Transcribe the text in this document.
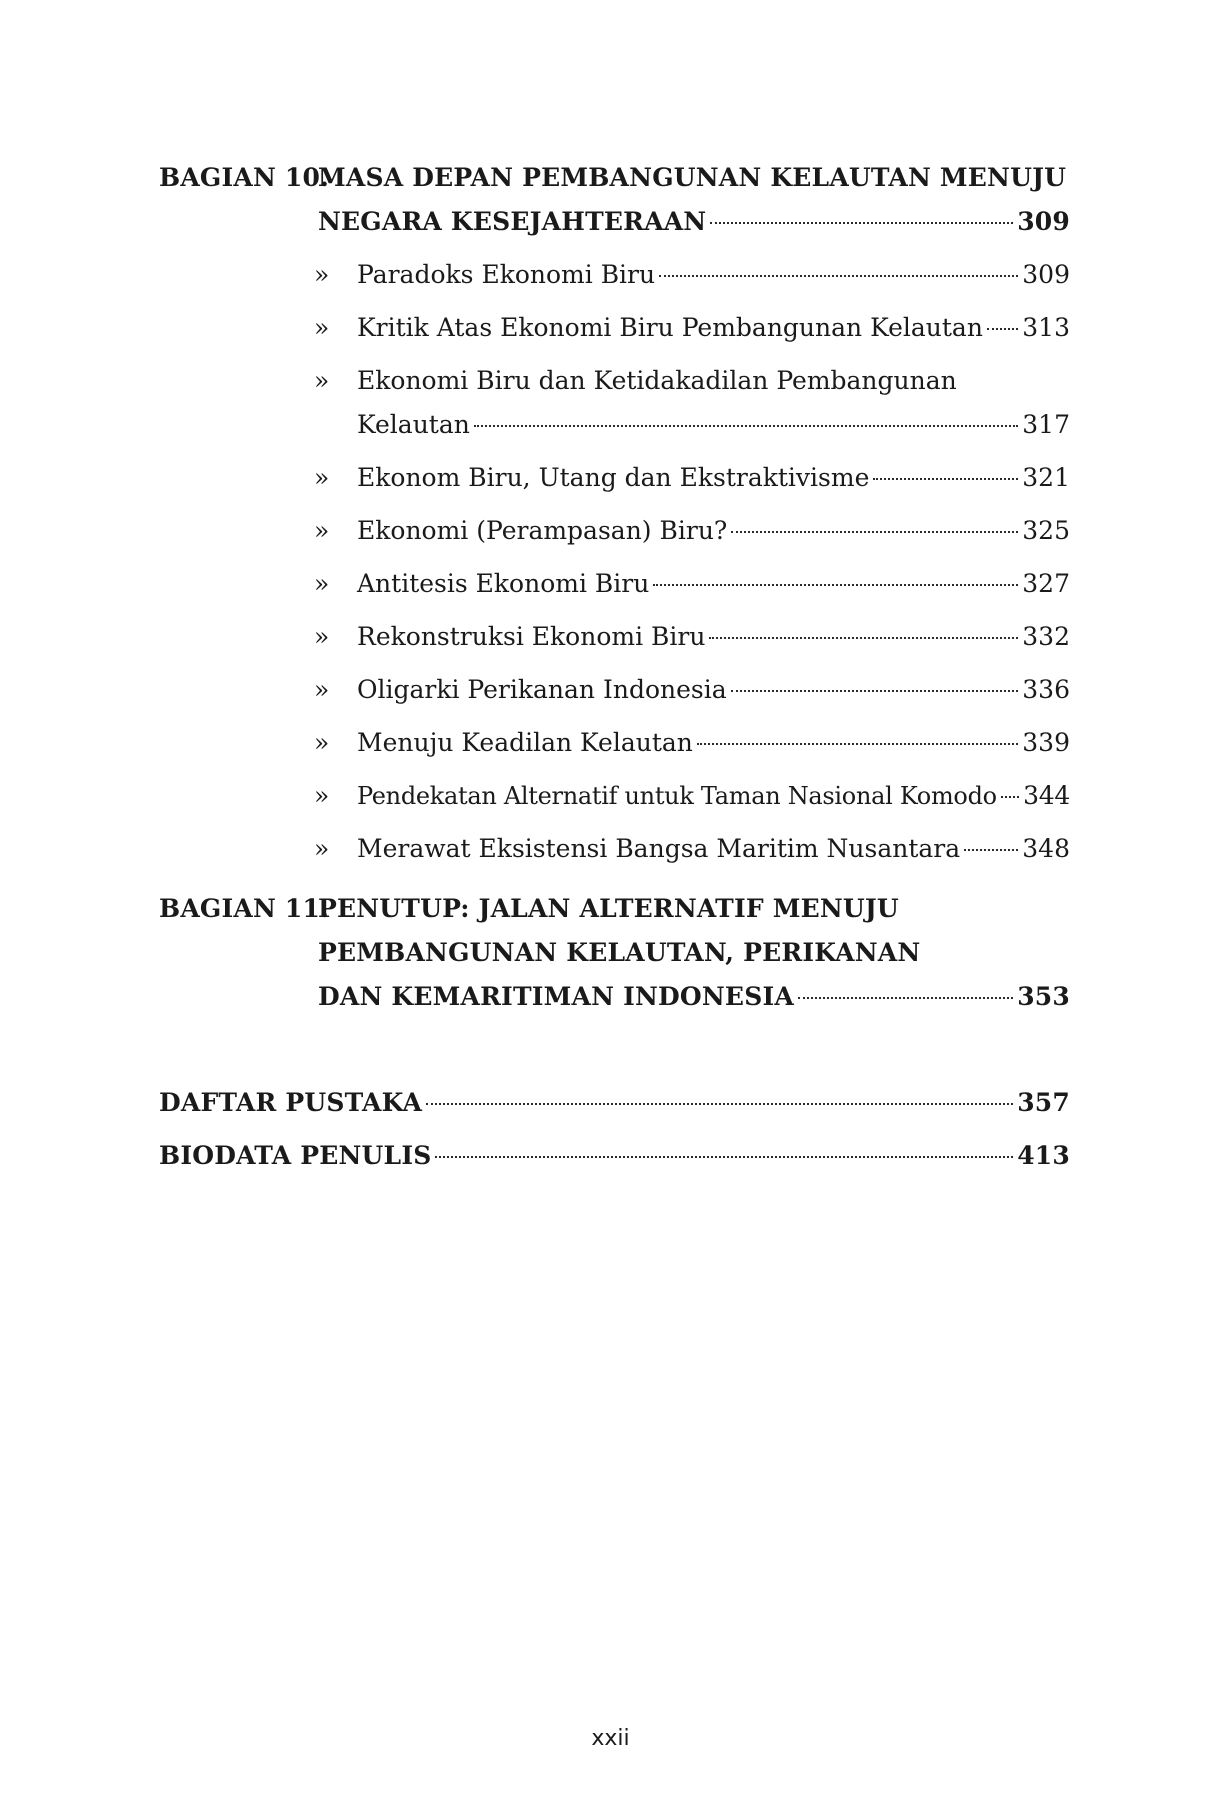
BAGIAN 10.
MASA DEPAN PEMBANGUNAN KELAUTAN MENUJU
NEGARA KESEJAHTERAAN	309
» Paradoks Ekonomi Biru	309
» Kritik Atas Ekonomi Biru Pembangunan Kelautan 313
» Ekonomi Biru dan Ketidakadilan Pembangunan
Kelautan	317
» Ekonom Biru, Utang dan Ekstraktivisme	321
» Ekonomi (Perampasan) Biru?	325
» Antitesis Ekonomi Biru	327
» Rekonstruksi Ekonomi Biru	332
» Oligarki Perikanan Indonesia	336
» Menuju Keadilan Kelautan	339
» Pendekatan Alternatif untuk Taman Nasional Komodo 344
» Merawat Eksistensi Bangsa Maritim Nusantara 348
BAGIAN 11.
PENUTUP: JALAN ALTERNATIF MENUJU
PEMBANGUNAN KELAUTAN, PERIKANAN
DAN KEMARITIMAN INDONESIA	353
DAFTAR PUSTAKA	357
BIODATA PENULIS	413
xxii
